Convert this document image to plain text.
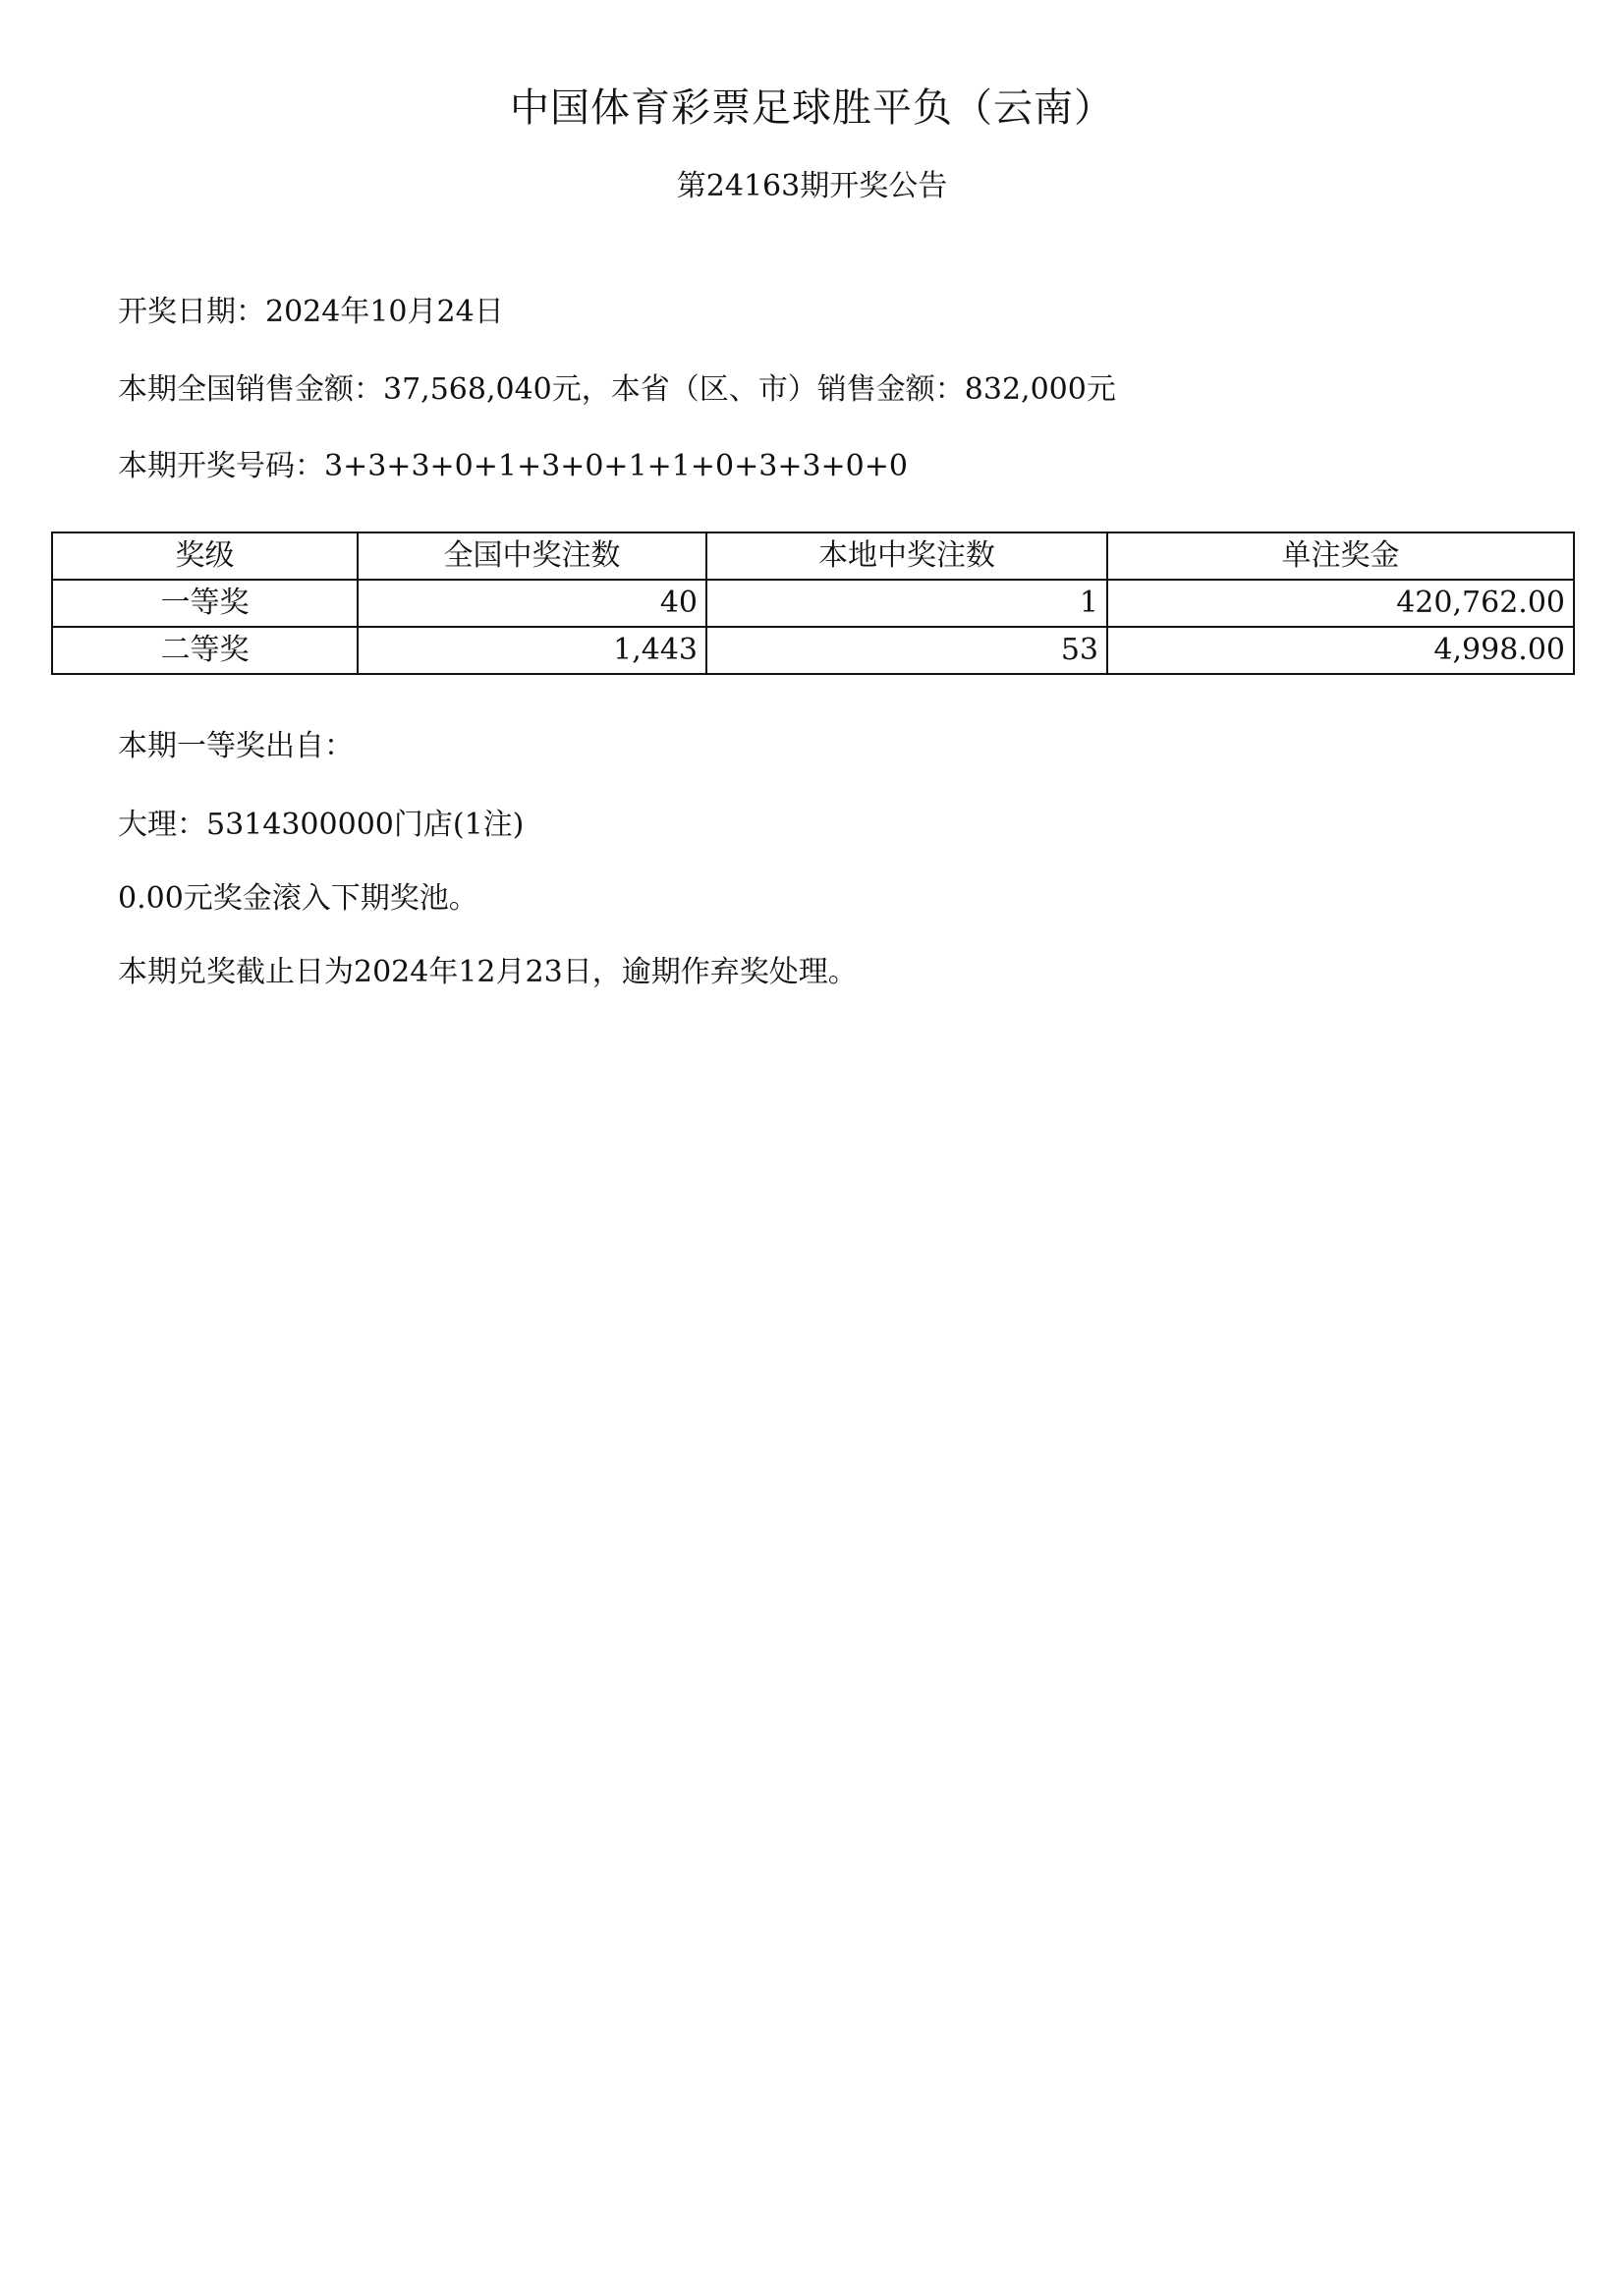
中国体育彩票足球胜平负（云南）
第24163期开奖公告
开奖日期：2024年10月24日
本期全国销售金额：37,568,040元，本省（区、市）销售金额：832,000元
本期开奖号码：3+3+3+0+1+3+0+1+1+0+3+3+0+0
奖级	全国中奖注数	本地中奖注数	单注奖金
一等奖	40	1	420,762.00
二等奖	1,443	53	4,998.00
本期一等奖出自：
大理：5314300000门店(1注)
0.00元奖金滚入下期奖池。
本期兑奖截止日为2024年12月23日，逾期作弃奖处理。
